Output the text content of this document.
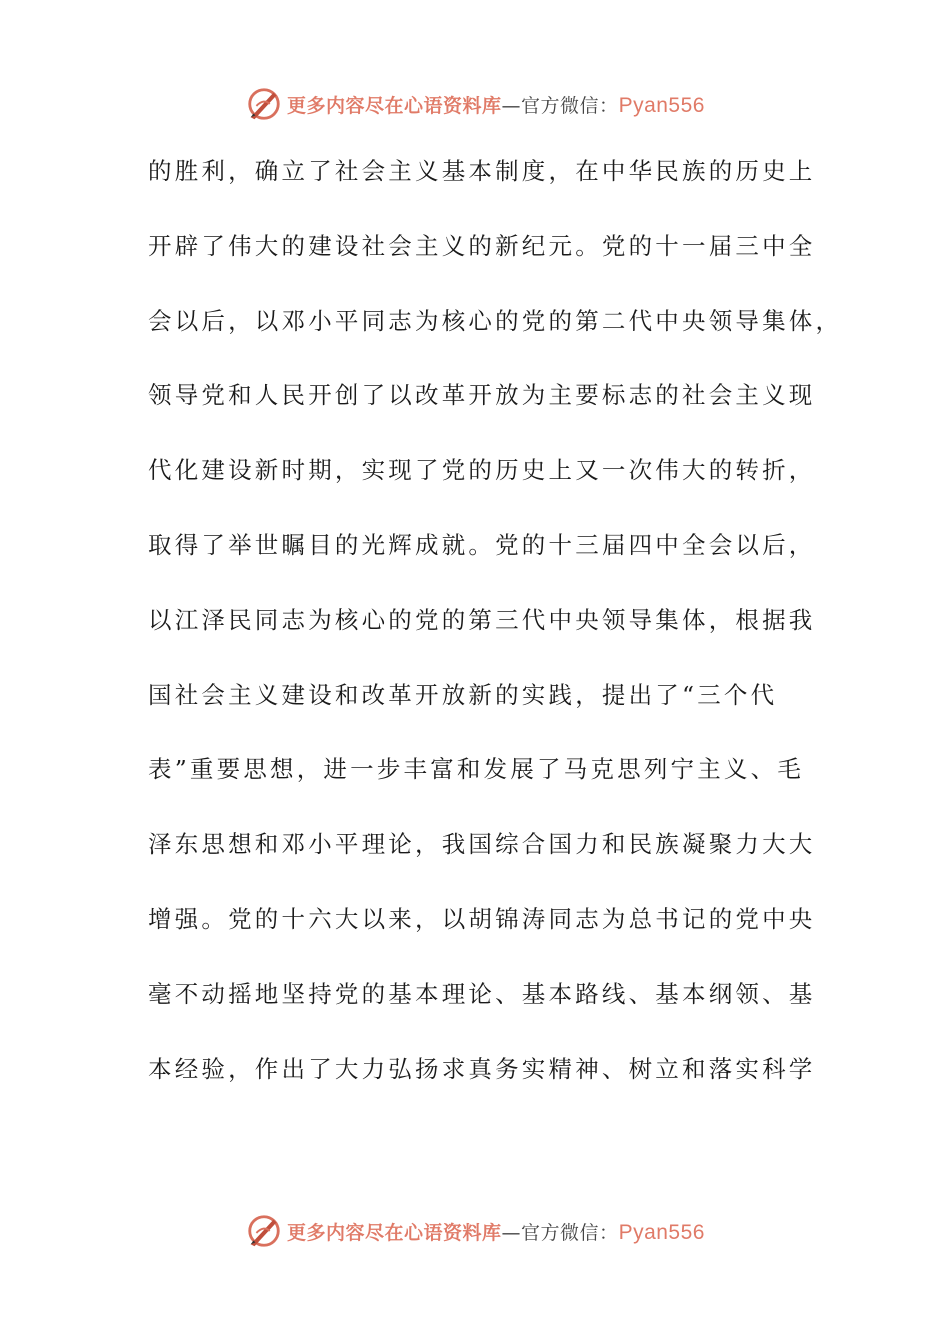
更多内容尽在心语资料库—官方微信：Pyan556
的胜利，确立了社会主义基本制度，在中华民族的历史上
开辟了伟大的建设社会主义的新纪元。党的十一届三中全
会以后，以邓小平同志为核心的党的第二代中央领导集体，
领导党和人民开创了以改革开放为主要标志的社会主义现
代化建设新时期，实现了党的历史上又一次伟大的转折，
取得了举世瞩目的光辉成就。党的十三届四中全会以后，
以江泽民同志为核心的党的第三代中央领导集体，根据我
国社会主义建设和改革开放新的实践，提出了“三个代
表”重要思想，进一步丰富和发展了马克思列宁主义、毛
泽东思想和邓小平理论，我国综合国力和民族凝聚力大大
增强。党的十六大以来，以胡锦涛同志为总书记的党中央
毫不动摇地坚持党的基本理论、基本路线、基本纲领、基
本经验，作出了大力弘扬求真务实精神、树立和落实科学
更多内容尽在心语资料库—官方微信：Pyan556
